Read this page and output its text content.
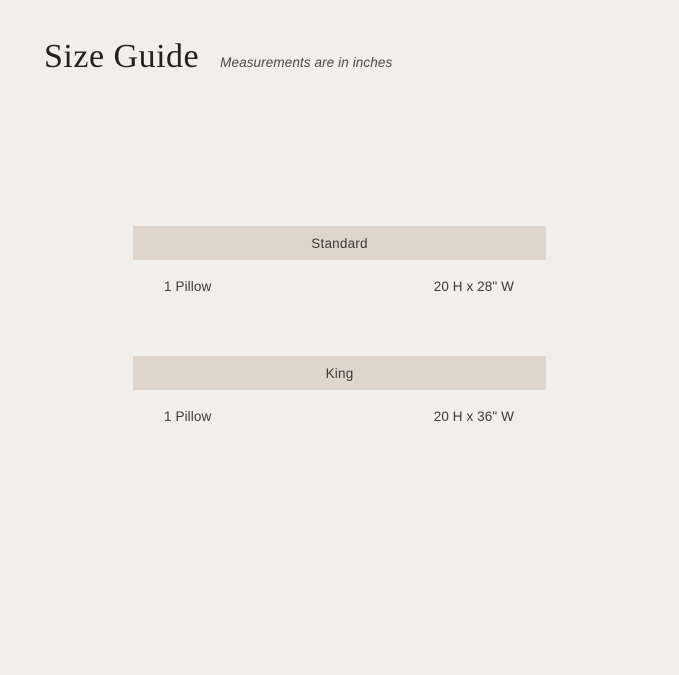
Size Guide Measurements are in inches
Standard
1 Pillow	20 H x 28" W
King
1 Pillow	20 H x 36" W
